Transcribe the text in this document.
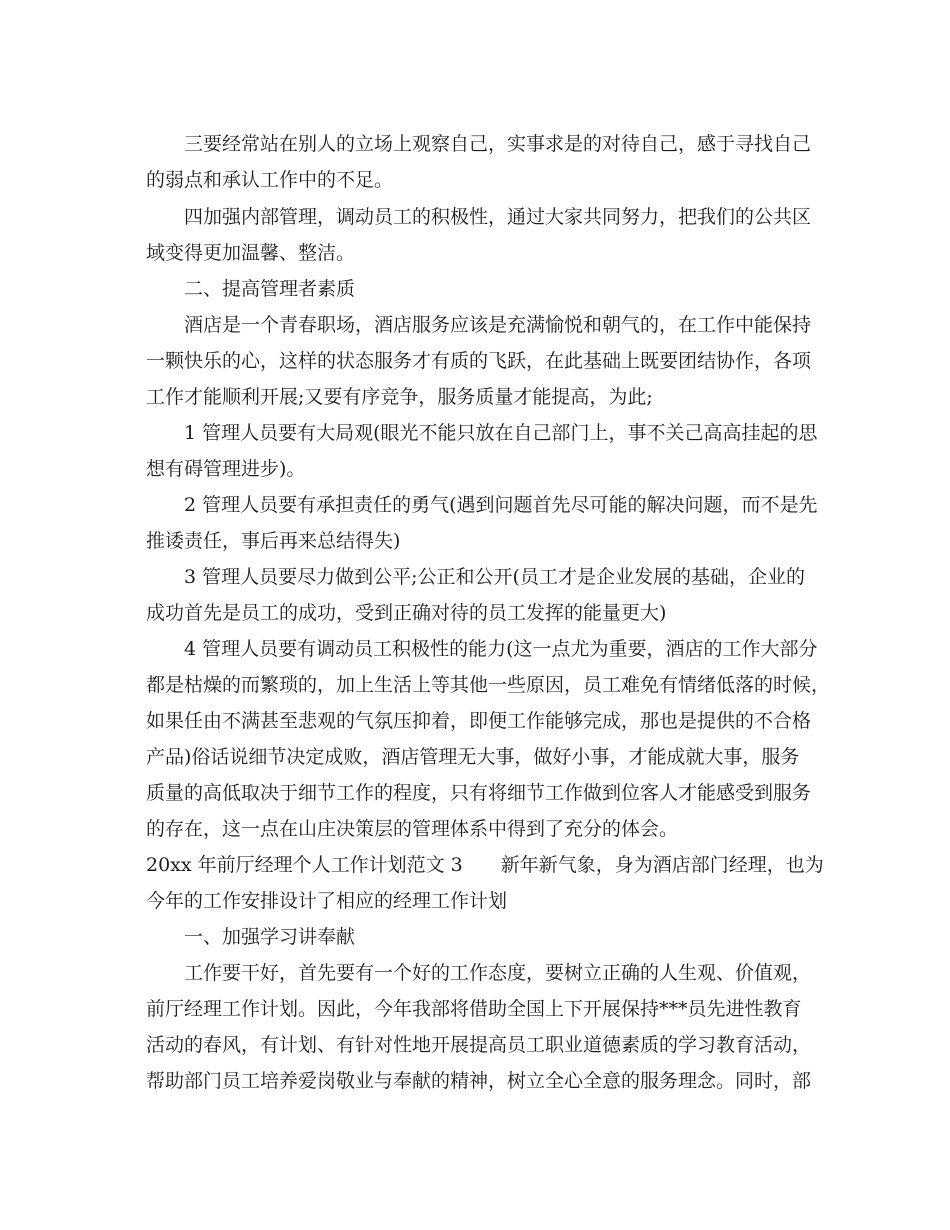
三要经常站在别人的立场上观察自己，实事求是的对待自己，感于寻找自己
的弱点和承认工作中的不足。
四加强内部管理，调动员工的积极性，通过大家共同努力，把我们的公共区
域变得更加温馨、整洁。
二、提高管理者素质
酒店是一个青春职场，酒店服务应该是充满愉悦和朝气的，在工作中能保持
一颗快乐的心，这样的状态服务才有质的飞跃，在此基础上既要团结协作，各项
工作才能顺利开展;又要有序竞争，服务质量才能提高，为此;
1 管理人员要有大局观(眼光不能只放在自己部门上，事不关己高高挂起的思
想有碍管理进步)。
2 管理人员要有承担责任的勇气(遇到问题首先尽可能的解决问题，而不是先
推诿责任，事后再来总结得失)
3 管理人员要尽力做到公平;公正和公开(员工才是企业发展的基础，企业的
成功首先是员工的成功，受到正确对待的员工发挥的能量更大)
4 管理人员要有调动员工积极性的能力(这一点尤为重要，酒店的工作大部分
都是枯燥的而繁琐的，加上生活上等其他一些原因，员工难免有情绪低落的时候，
如果任由不满甚至悲观的气氛压抑着，即便工作能够完成，那也是提供的不合格
产品)俗话说细节决定成败，酒店管理无大事，做好小事，才能成就大事，服务
质量的高低取决于细节工作的程度，只有将细节工作做到位客人才能感受到服务
的存在，这一点在山庄决策层的管理体系中得到了充分的体会。
20xx 年前厅经理个人工作计划范文 3　　新年新气象，身为酒店部门经理，也为
今年的工作安排设计了相应的经理工作计划
一、加强学习讲奉献
工作要干好，首先要有一个好的工作态度，要树立正确的人生观、价值观，
前厅经理工作计划。因此，今年我部将借助全国上下开展保持***员先进性教育
活动的春风，有计划、有针对性地开展提高员工职业道德素质的学习教育活动，
帮助部门员工培养爱岗敬业与奉献的精神，树立全心全意的服务理念。同时，部
